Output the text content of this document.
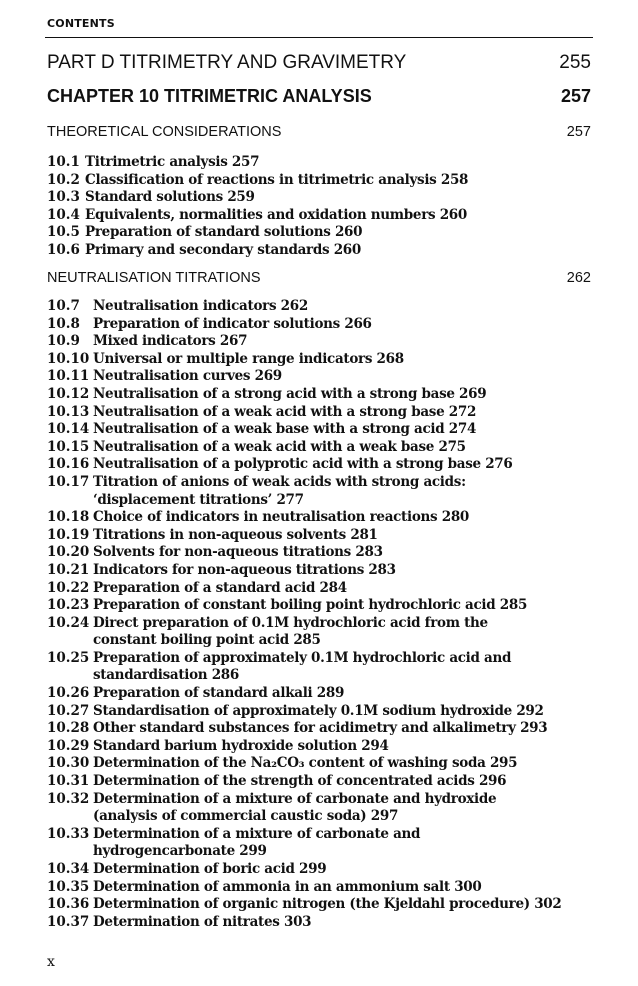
CONTENTS
PART D TITRIMETRY AND GRAVIMETRY	255
CHAPTER 10 TITRIMETRIC ANALYSIS	257
THEORETICAL CONSIDERATIONS	257
10.1 Titrimetric analysis 257
10.2 Classification of reactions in titrimetric analysis 258
10.3 Standard solutions 259
10.4 Equivalents, normalities and oxidation numbers 260
10.5 Preparation of standard solutions 260
10.6 Primary and secondary standards 260
NEUTRALISATION TITRATIONS	262
10.7 Neutralisation indicators 262
10.8 Preparation of indicator solutions 266
10.9 Mixed indicators 267
10.10 Universal or multiple range indicators 268
10.11 Neutralisation curves 269
10.12 Neutralisation of a strong acid with a strong base 269
10.13 Neutralisation of a weak acid with a strong base 272
10.14 Neutralisation of a weak base with a strong acid 274
10.15 Neutralisation of a weak acid with a weak base 275
10.16 Neutralisation of a polyprotic acid with a strong base 276
10.17 Titration of anions of weak acids with strong acids:
‘displacement titrations’ 277
10.18 Choice of indicators in neutralisation reactions 280
10.19 Titrations in non-aqueous solvents 281
10.20 Solvents for non-aqueous titrations 283
10.21 Indicators for non-aqueous titrations 283
10.22 Preparation of a standard acid 284
10.23 Preparation of constant boiling point hydrochloric acid 285
10.24 Direct preparation of 0.1M hydrochloric acid from the
constant boiling point acid 285
10.25 Preparation of approximately 0.1M hydrochloric acid and
standardisation 286
10.26 Preparation of standard alkali 289
10.27 Standardisation of approximately 0.1M sodium hydroxide 292
10.28 Other standard substances for acidimetry and alkalimetry 293
10.29 Standard barium hydroxide solution 294
10.30 Determination of the Na₂CO₃ content of washing soda 295
10.31 Determination of the strength of concentrated acids 296
10.32 Determination of a mixture of carbonate and hydroxide
(analysis of commercial caustic soda) 297
10.33 Determination of a mixture of carbonate and
hydrogencarbonate 299
10.34 Determination of boric acid 299
10.35 Determination of ammonia in an ammonium salt 300
10.36 Determination of organic nitrogen (the Kjeldahl procedure) 302
10.37 Determination of nitrates 303
x
